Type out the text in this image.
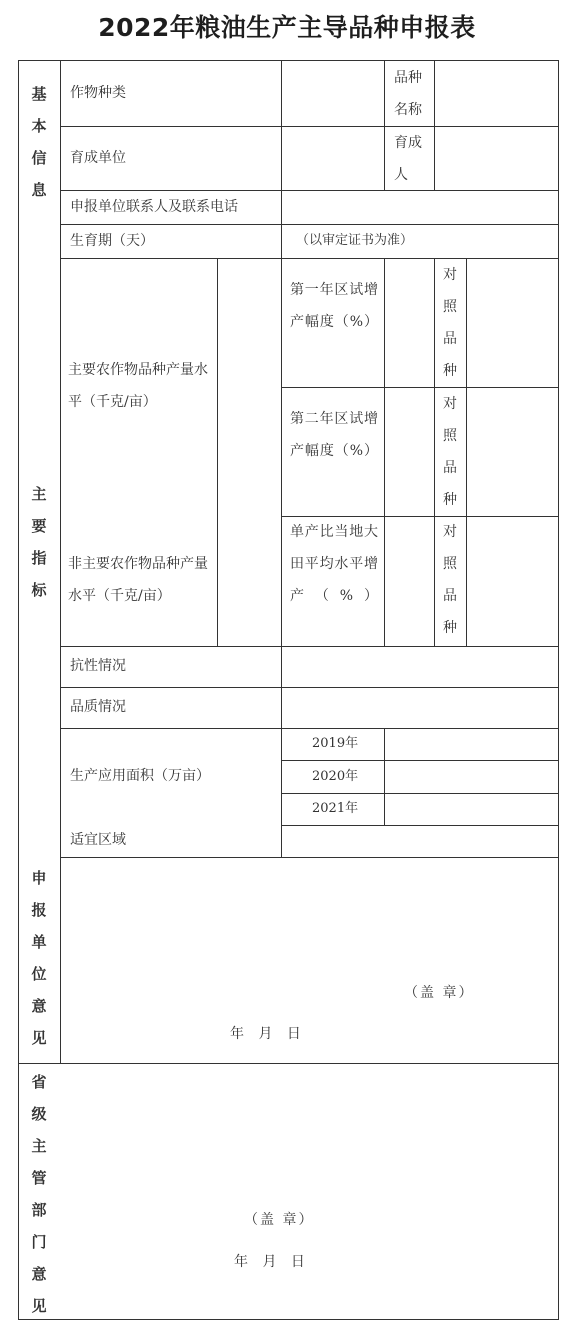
2022年粮油生产主导品种申报表
基本信息
主要指标
申报单位意见
省级主管部门意见
作物种类
品种名称
育成单位
育成人
申报单位联系人及联系电话
生育期（天）	（以审定证书为准）
主要农作物品种产量水平（千克/亩）
非主要农作物品种产量水平（千克/亩）
第一年区试增产幅度（%）
第二年区试增产幅度（%）
单产比当地大田平均水平增产（%）
对照品种
对照品种
对照品种
抗性情况
品质情况
生产应用面积（万亩）
2019年
2020年
2021年
适宜区域
（盖 章）
年 月 日
（盖 章）
年 月 日
